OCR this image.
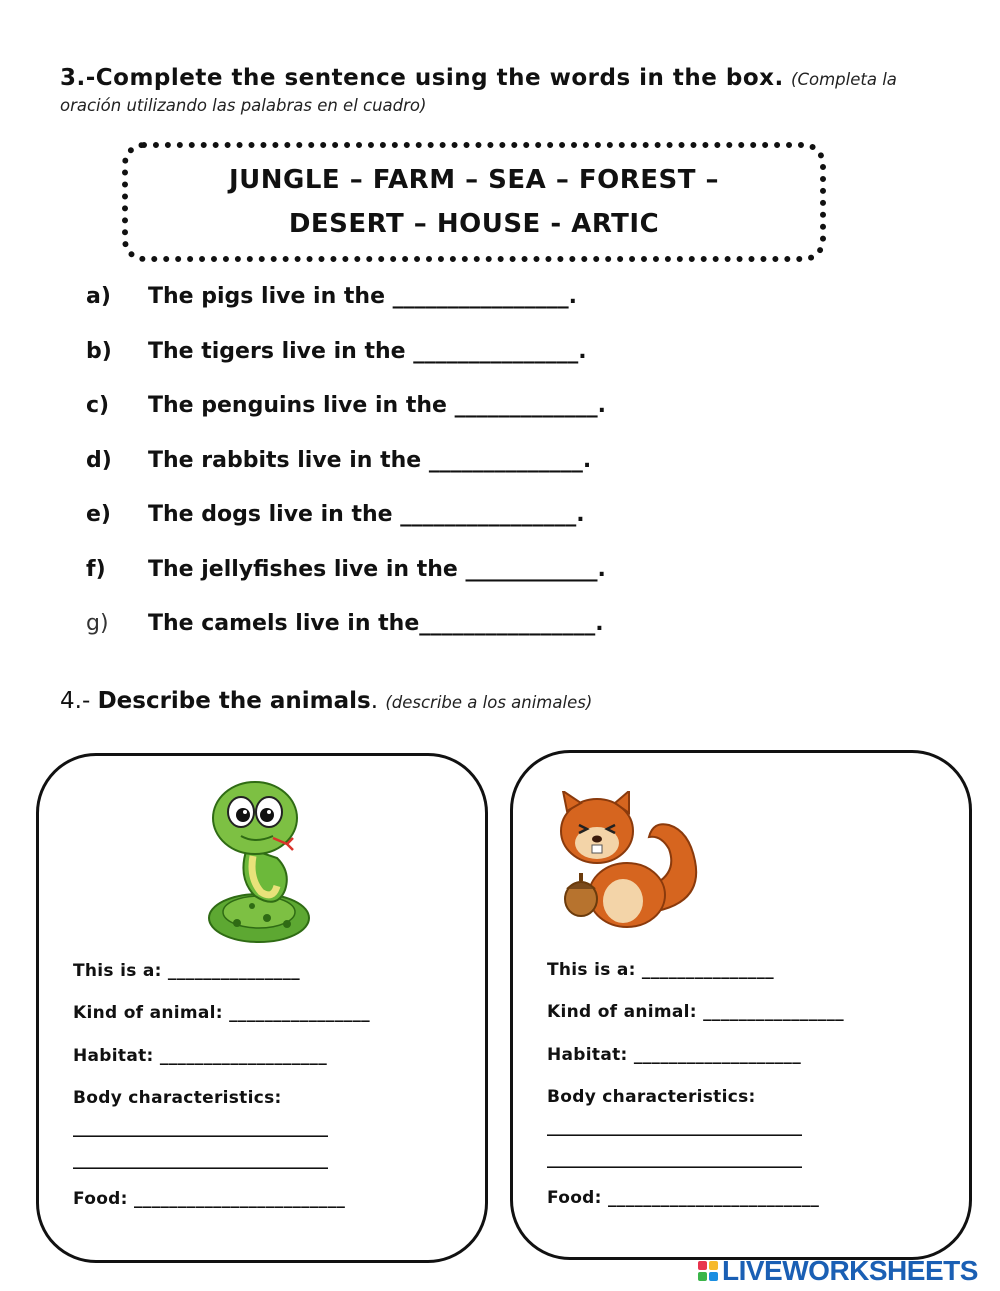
3.-Complete the sentence using the words in the box. (Completa la
oración utilizando las palabras en el cuadro)
JUNGLE – FARM – SEA – FOREST –
DESERT – HOUSE - ARTIC
a)	The pigs live in the ________________.
b)	The tigers live in the _______________.
c)	The penguins live in the _____________.
d)	The rabbits live in the ______________.
e)	The dogs live in the ________________.
f)	The jellyfishes live in the ____________.
g)	The camels live in the________________.
4.- Describe the animals. (describe a los animales)
This is a: _______________
Kind of animal: ________________
Habitat: ___________________
Body characteristics:
______________________________
______________________________
Food: ________________________
This is a: _______________
Kind of animal: ________________
Habitat: ___________________
Body characteristics:
______________________________
______________________________
Food: ________________________
LIVEWORKSHEETS
